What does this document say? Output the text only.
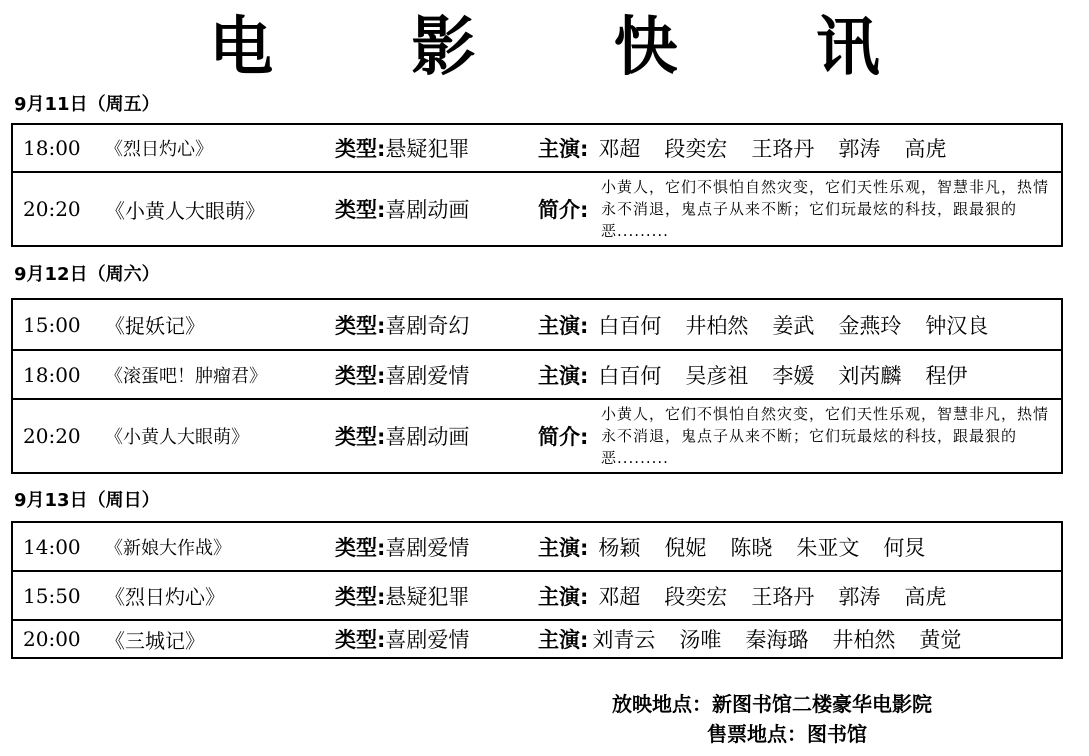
电 影 快 讯
9月11日（周五）
18:00 《烈日灼心》	类型: 悬疑犯罪	主演: 邓超 段奕宏 王珞丹 郭涛 高虎
20:20 《小黄人大眼萌》	类型: 喜剧动画	简介:
小黄人，它们不惧怕自然灾变，它们天性乐观，智慧非凡，热情永不消退，鬼点子从来不断；它们玩最炫的科技，跟最狠的恶.........
9月12日（周六）
15:00 《捉妖记》	类型: 喜剧奇幻	主演: 白百何 井柏然 姜武 金燕玲 钟汉良
18:00 《滚蛋吧！肿瘤君》	类型: 喜剧爱情	主演: 白百何 吴彦祖 李媛 刘芮麟 程伊
20:20 《小黄人大眼萌》	类型: 喜剧动画	简介:
小黄人，它们不惧怕自然灾变，它们天性乐观，智慧非凡，热情永不消退，鬼点子从来不断；它们玩最炫的科技，跟最狠的恶.........
9月13日（周日）
14:00 《新娘大作战》	类型: 喜剧爱情	主演: 杨颖 倪妮 陈晓 朱亚文 何炅
15:50 《烈日灼心》	类型: 悬疑犯罪	主演: 邓超 段奕宏 王珞丹 郭涛 高虎
20:00 《三城记》	类型: 喜剧爱情	主演: 刘青云 汤唯 秦海璐 井柏然 黄觉
放映地点：新图书馆二楼豪华电影院
售票地点：图书馆
